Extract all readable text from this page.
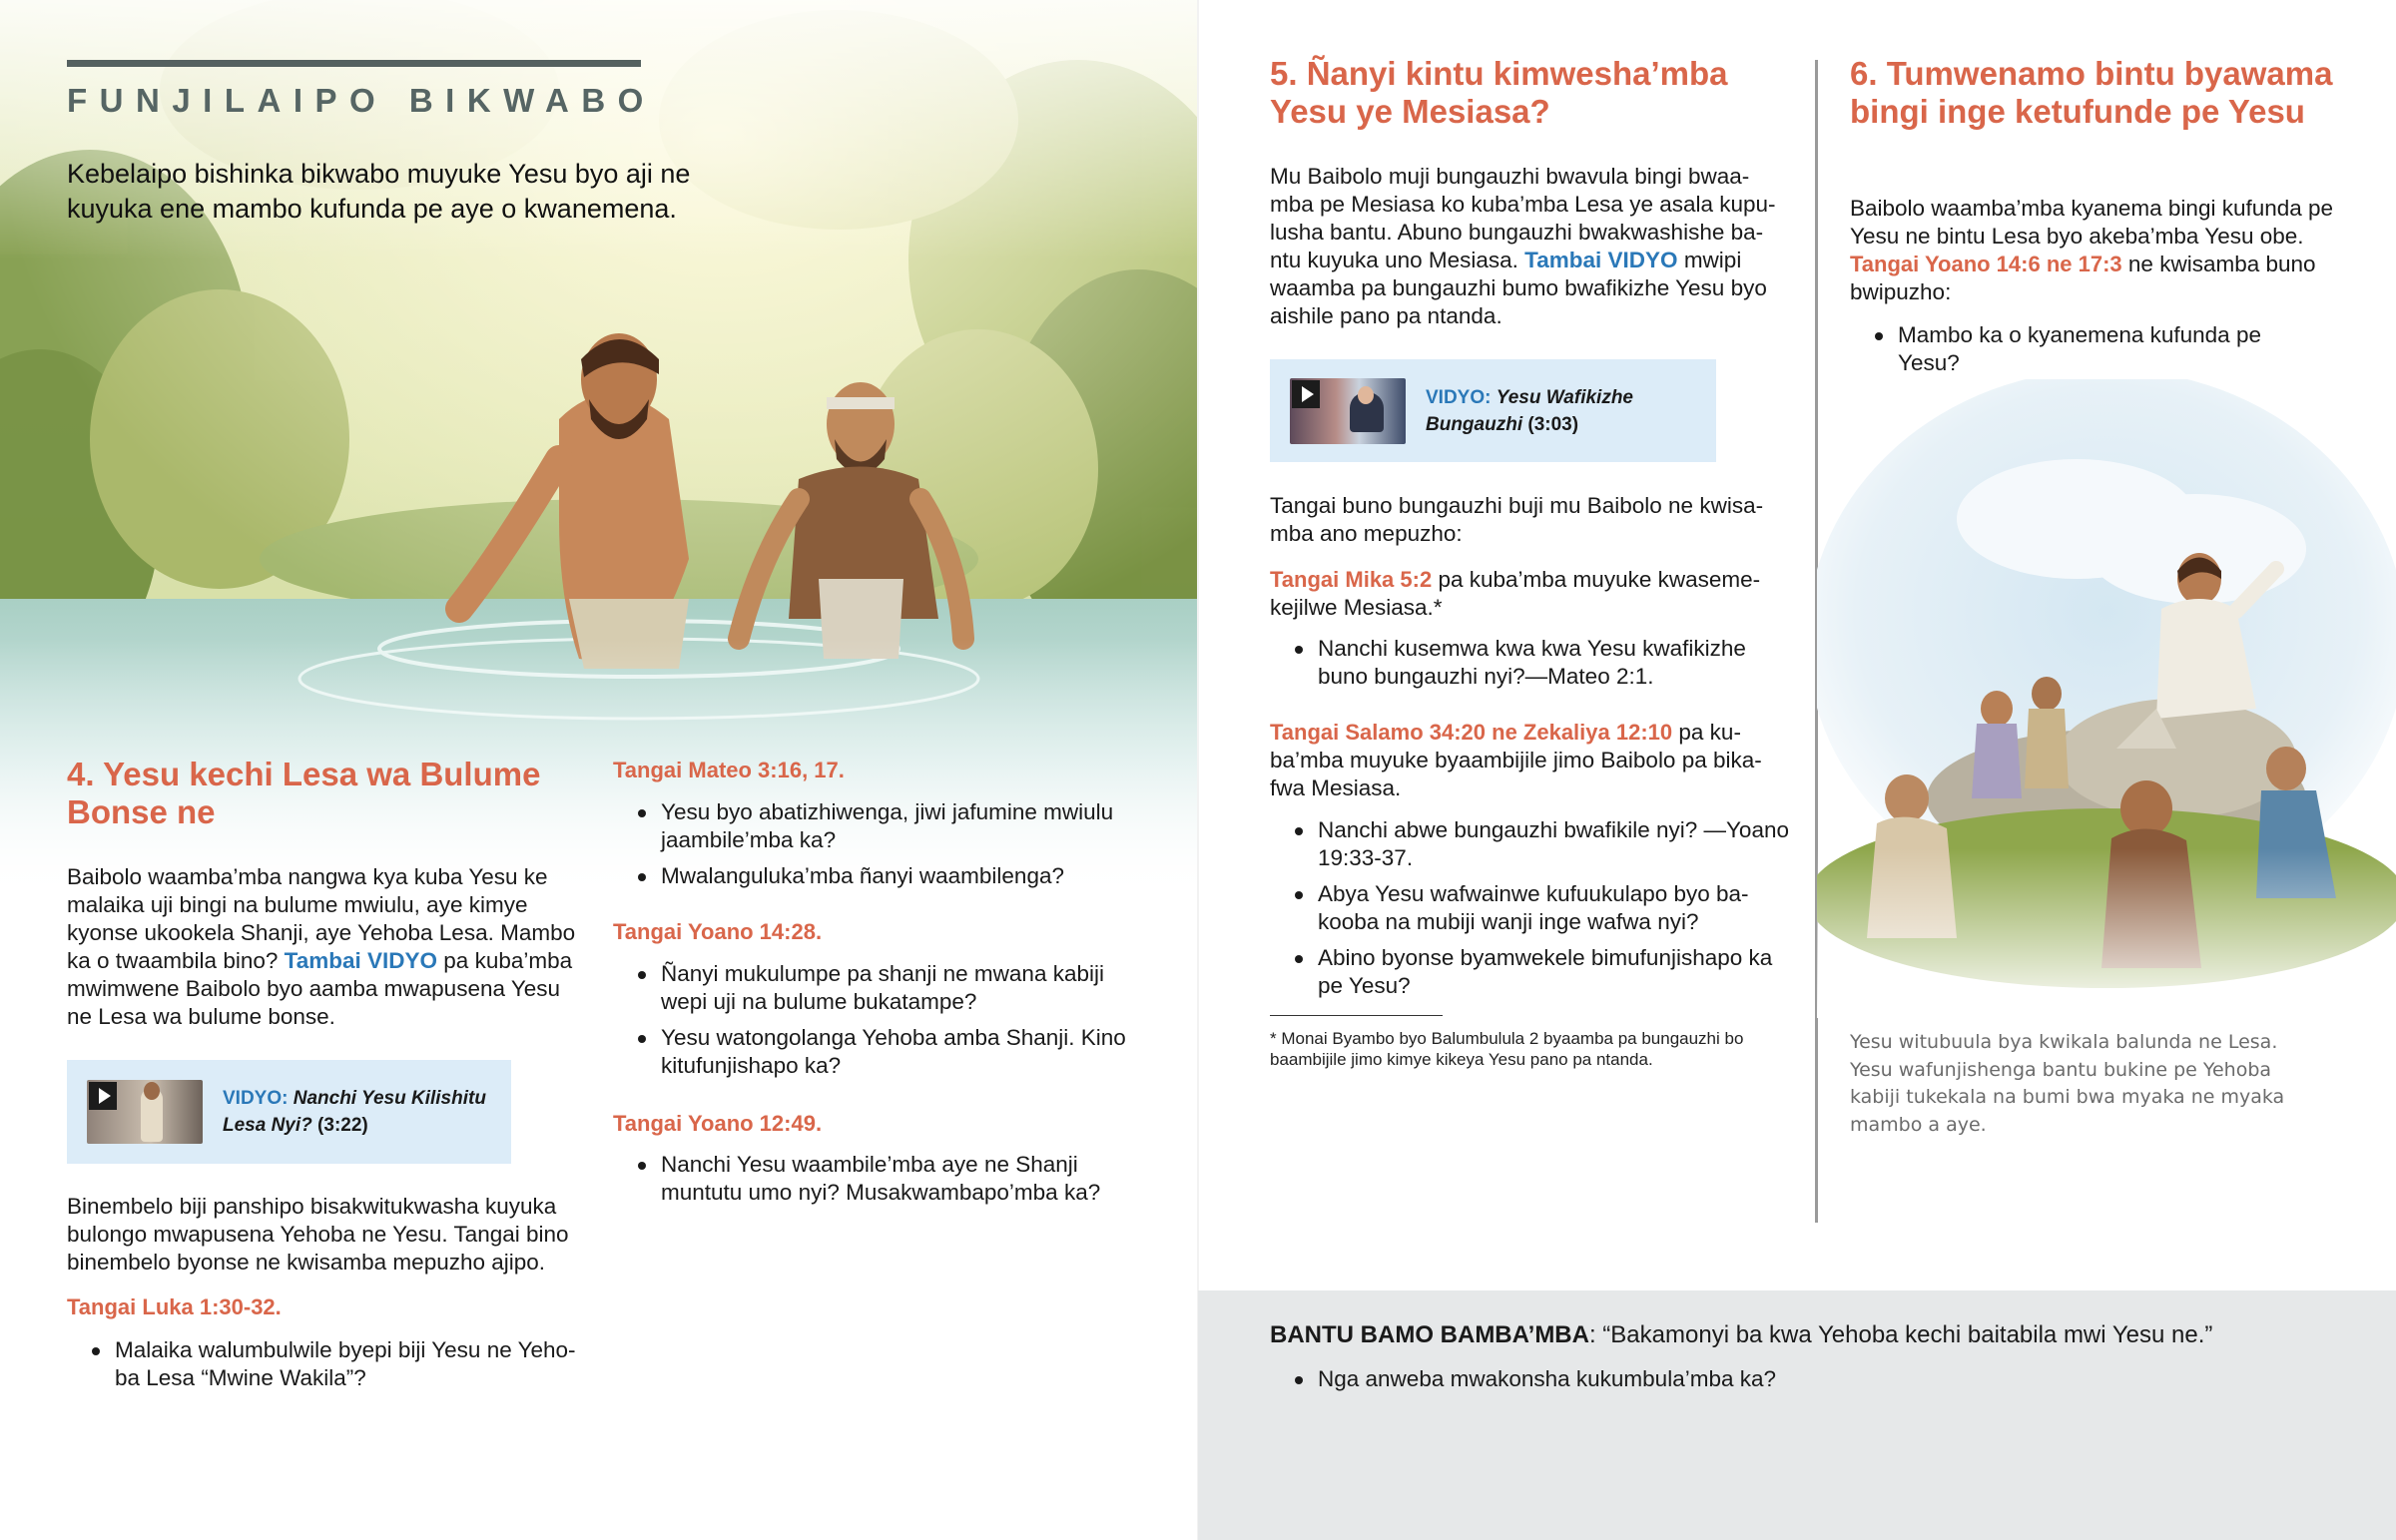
FUNJILAIPO BIKWABO

Kebelaipo bishinka bikwabo muyuke Yesu byo aji ne kuyuka ene mambo kufunda pe aye o kwanemena.

4. Yesu kechi Lesa wa Bulume Bonse ne

Baibolo waamba’mba nangwa kya kuba Yesu ke malaika uji bingi na bulume mwiulu, aye kimye kyonse ukookela Shanji, aye Yehoba Lesa. Mambo ka o twaambila bino? Tambai VIDYO pa kuba’mba mwimwene Baibolo byo aamba mwapusena Yesu ne Lesa wa bulume bonse.

VIDYO: Nanchi Yesu Kilishitu Lesa Nyi? (3:22)

Binembelo biji panshipo bisakwitukwasha kuyuka bulongo mwapusena Yehoba ne Yesu. Tangai bino binembelo byonse ne kwisamba mepuzho ajipo.

Tangai Luka 1:30-32.
Malaika walumbulwile byepi biji Yesu ne Yeho-ba Lesa “Mwine Wakila”?
Tangai Mateo 3:16, 17.
Yesu byo abatizhiwenga, jiwi jafumine mwiulu jaambile’mba ka?
Mwalanguluka’mba ñanyi waambilenga?
Tangai Yoano 14:28.
Ñanyi mukulumpe pa shanji ne mwana kabiji wepi uji na bulume bukatampe?
Yesu watongolanga Yehoba amba Shanji. Kino kitufunjishapo ka?
Tangai Yoano 12:49.
Nanchi Yesu waambile’mba aye ne Shanji muntutu umo nyi? Musakwambapo’mba ka?
5. Ñanyi kintu kimwesha’mba Yesu ye Mesiasa?

Mu Baibolo muji bungauzhi bwavula bingi bwaa-mba pe Mesiasa ko kuba’mba Lesa ye asala kupu-lusha bantu. Abuno bungauzhi bwakwashishe ba-ntu kuyuka uno Mesiasa. Tambai VIDYO mwipi waamba pa bungauzhi bumo bwafikizhe Yesu byo aishile pano pa ntanda.

VIDYO: Yesu Wafikizhe Bungauzhi (3:03)

Tangai buno bungauzhi buji mu Baibolo ne kwisa-mba ano mepuzho:

Tangai Mika 5:2 pa kuba’mba muyuke kwaseme-kejilwe Mesiasa.*

Nanchi kusemwa kwa kwa Yesu kwafikizhe buno bungauzhi nyi?—Mateo 2:1.

Tangai Salamo 34:20 ne Zekaliya 12:10 pa ku-ba’mba muyuke byaambijile jimo Baibolo pa bika-fwa Mesiasa.

Nanchi abwe bungauzhi bwafikile nyi? —Yoano 19:33-37.
Abya Yesu wafwainwe kufuukulapo byo ba-kooba na mubiji wanji inge wafwa nyi?
Abino byonse byamwekele bimufunjishapo ka pe Yesu?

* Monai Byambo byo Balumbulula 2 byaamba pa bungauzhi bo baambijile jimo kimye kikeya Yesu pano pa ntanda.

6. Tumwenamo bintu byawama bingi inge ketufunde pe Yesu

Baibolo waamba’mba kyanema bingi kufunda pe Yesu ne bintu Lesa byo akeba’mba Yesu obe. Tangai Yoano 14:6 ne 17:3 ne kwisamba buno bwipuzho:

Mambo ka o kyanemena kufunda pe Yesu?

Yesu witubuula bya kwikala balunda ne Lesa. Yesu wafunjishenga bantu bukine pe Yehoba kabiji tukekala na bumi bwa myaka ne myaka mambo a aye.

BANTU BAMO BAMBA’MBA: “Bakamonyi ba kwa Yehoba kechi baitabila mwi Yesu ne.”

Nga anweba mwakonsha kukumbula’mba ka?
